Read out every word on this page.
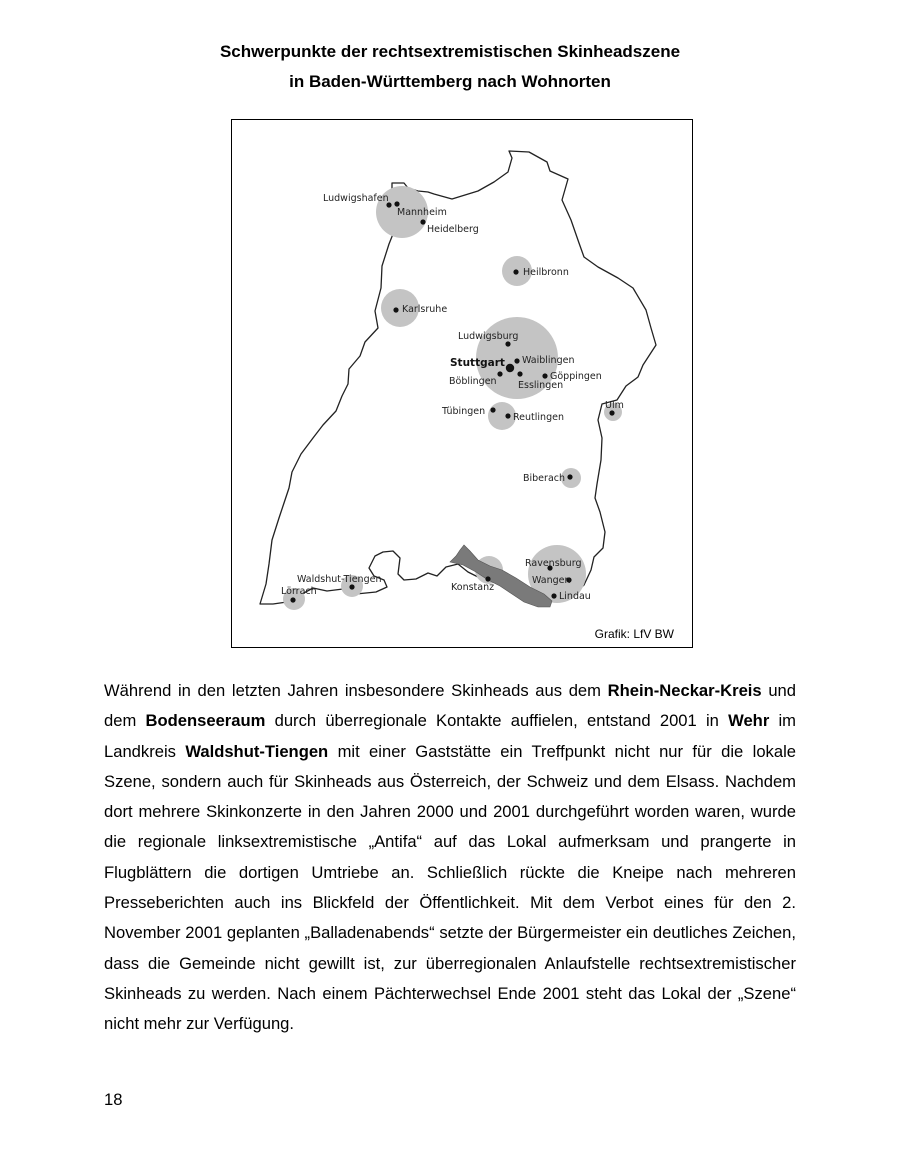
Schwerpunkte der rechtsextremistischen Skinheadszene
in Baden-Württemberg nach Wohnorten
Ludwigshafen
Mannheim
Heidelberg
Heilbronn
Karlsruhe
Ludwigsburg
Stuttgart Waiblingen
Böblingen	Göppingen
Esslingen
Tübingen
Reutlingen
Ulm
Biberach
Ravensburg
Wangen
Lindau
Konstanz
Waldshut-Tiengen
Lörrach
Grafik: LfV BW

Während in den letzten Jahren insbesondere Skinheads aus dem Rhein-Neckar-Kreis und dem Bodenseeraum durch überregionale Kontakte auffielen, entstand 2001 in Wehr im Landkreis Waldshut-Tiengen mit einer Gaststätte ein Treffpunkt nicht nur für die lokale Szene, sondern auch für Skinheads aus Österreich, der Schweiz und dem Elsass. Nachdem dort mehrere Skinkonzerte in den Jahren 2000 und 2001 durchgeführt worden waren, wurde die regionale linksextremistische „Antifa“ auf das Lokal aufmerksam und prangerte in Flugblättern die dortigen Umtriebe an. Schließlich rückte die Kneipe nach mehreren Presseberichten auch ins Blickfeld der Öffentlichkeit. Mit dem Verbot eines für den 2. November 2001 geplanten „Balladenabends“ setzte der Bürgermeister ein deutliches Zeichen, dass die Gemeinde nicht gewillt ist, zur überregionalen Anlaufstelle rechtsextremistischer Skinheads zu werden. Nach einem Pächterwechsel Ende 2001 steht das Lokal der „Szene“ nicht mehr zur Verfügung.

18
